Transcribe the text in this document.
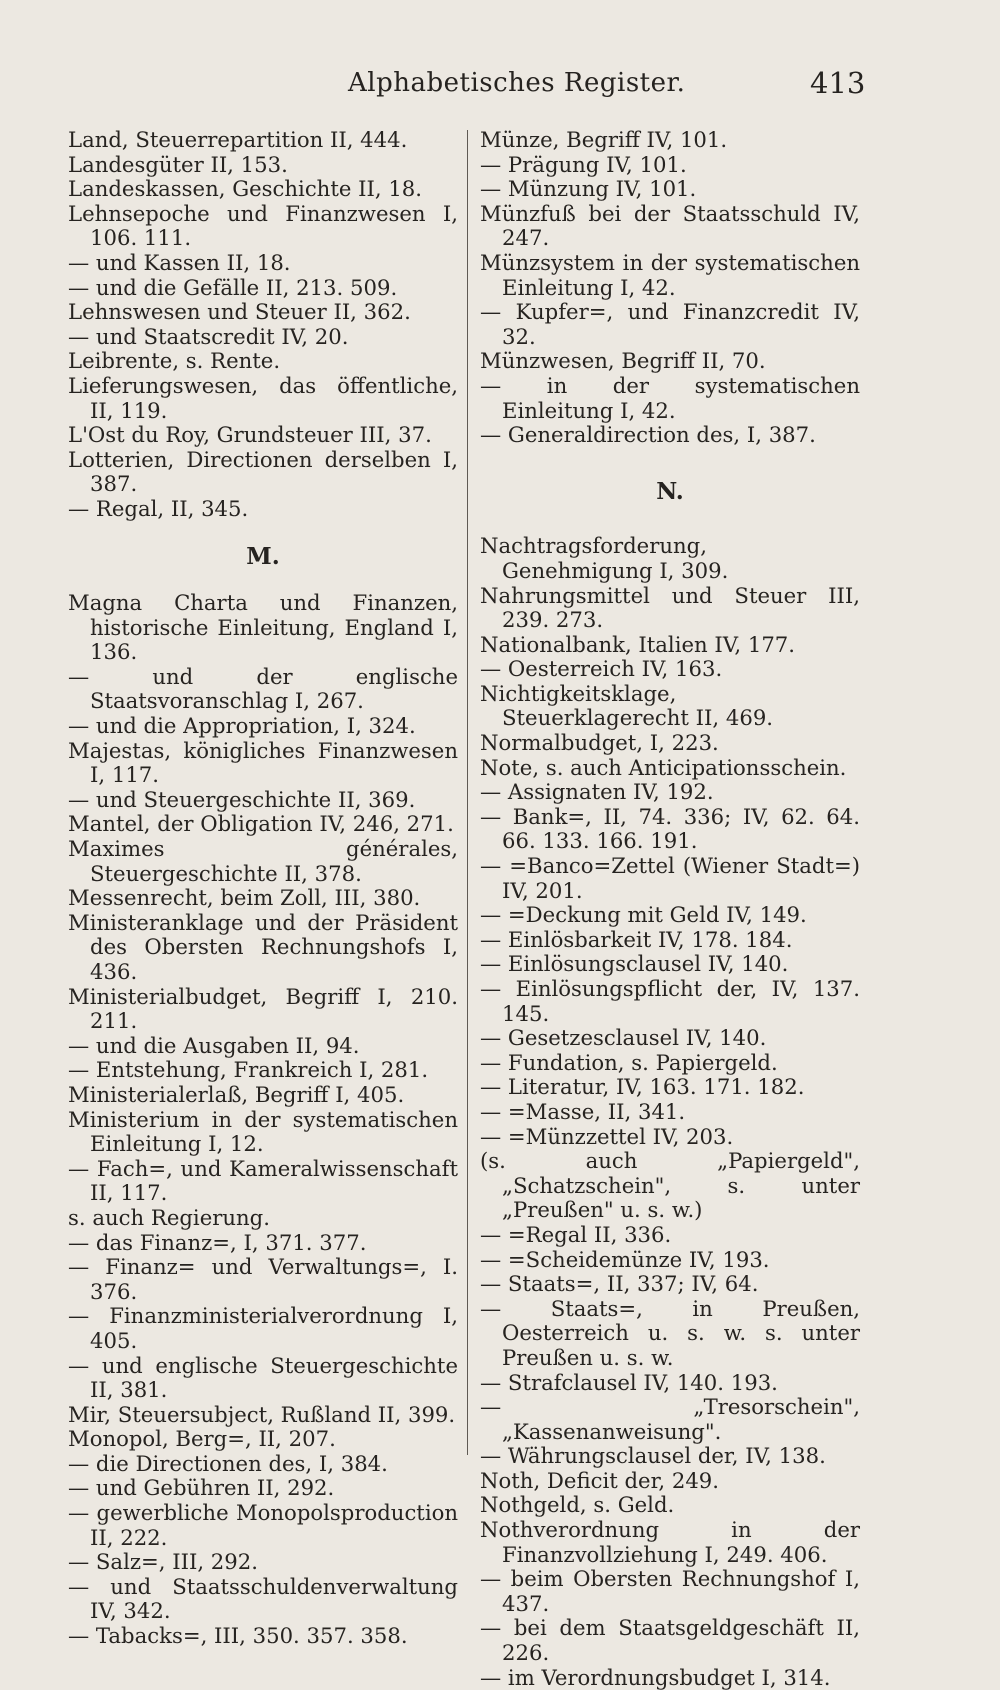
Alphabetisches Register.	413
Land, Steuerrepartition II, 444.
Landesgüter II, 153.
Landeskassen, Geschichte II, 18.
Lehnsepoche und Finanzwesen I, 106. 111.
— und Kassen II, 18.
— und die Gefälle II, 213. 509.
Lehnswesen und Steuer II, 362.
— und Staatscredit IV, 20.
Leibrente, s. Rente.
Lieferungswesen, das öffentliche, II, 119.
L'Ost du Roy, Grundsteuer III, 37.
Lotterien, Directionen derselben I, 387.
— Regal, II, 345.
M.
Magna Charta und Finanzen, historische Einleitung, England I, 136.
— und der englische Staatsvoranschlag I, 267.
— und die Appropriation, I, 324.
Majestas, königliches Finanzwesen I, 117.
— und Steuergeschichte II, 369.
Mantel, der Obligation IV, 246, 271.
Maximes générales, Steuergeschichte II, 378.
Messenrecht, beim Zoll, III, 380.
Ministeranklage und der Präsident des Obersten Rechnungshofs I, 436.
Ministerialbudget, Begriff I, 210. 211.
— und die Ausgaben II, 94.
— Entstehung, Frankreich I, 281.
Ministerialerlaß, Begriff I, 405.
Ministerium in der systematischen Einleitung I, 12.
— Fach=, und Kameralwissenschaft II, 117.
s. auch Regierung.
— das Finanz=, I, 371. 377.
— Finanz= und Verwaltungs=, I. 376.
— Finanzministerialverordnung I, 405.
— und englische Steuergeschichte II, 381.
Mir, Steuersubject, Rußland II, 399.
Monopol, Berg=, II, 207.
— die Directionen des, I, 384.
— und Gebühren II, 292.
— gewerbliche Monopolsproduction II, 222.
— Salz=, III, 292.
— und Staatsschuldenverwaltung IV, 342.
— Tabacks=, III, 350. 357. 358.
Münze, Begriff IV, 101.
— Prägung IV, 101.
— Münzung IV, 101.
Münzfuß bei der Staatsschuld IV, 247.
Münzsystem in der systematischen Einleitung I, 42.
— Kupfer=, und Finanzcredit IV, 32.
Münzwesen, Begriff II, 70.
— in der systematischen Einleitung I, 42.
— Generaldirection des, I, 387.
N.
Nachtragsforderung, Genehmigung I, 309.
Nahrungsmittel und Steuer III, 239. 273.
Nationalbank, Italien IV, 177.
— Oesterreich IV, 163.
Nichtigkeitsklage, Steuerklagerecht II, 469.
Normalbudget, I, 223.
Note, s. auch Anticipationsschein.
— Assignaten IV, 192.
— Bank=, II, 74. 336; IV, 62. 64. 66. 133. 166. 191.
— =Banco=Zettel (Wiener Stadt=) IV, 201.
— =Deckung mit Geld IV, 149.
— Einlösbarkeit IV, 178. 184.
— Einlösungsclausel IV, 140.
— Einlösungspflicht der, IV, 137. 145.
— Gesetzesclausel IV, 140.
— Fundation, s. Papiergeld.
— Literatur, IV, 163. 171. 182.
— =Masse, II, 341.
— =Münzzettel IV, 203.
(s. auch „Papiergeld", „Schatzschein", s. unter „Preußen" u. s. w.)
— =Regal II, 336.
— =Scheidemünze IV, 193.
— Staats=, II, 337; IV, 64.
— Staats=, in Preußen, Oesterreich u. s. w. s. unter Preußen u. s. w.
— Strafclausel IV, 140. 193.
— „Tresorschein", „Kassenanweisung".
— Währungsclausel der, IV, 138.
Noth, Deficit der, 249.
Nothgeld, s. Geld.
Nothverordnung in der Finanzvollziehung I, 249. 406.
— beim Obersten Rechnungshof I, 437.
— bei dem Staatsgeldgeschäft II, 226.
— im Verordnungsbudget I, 314.
